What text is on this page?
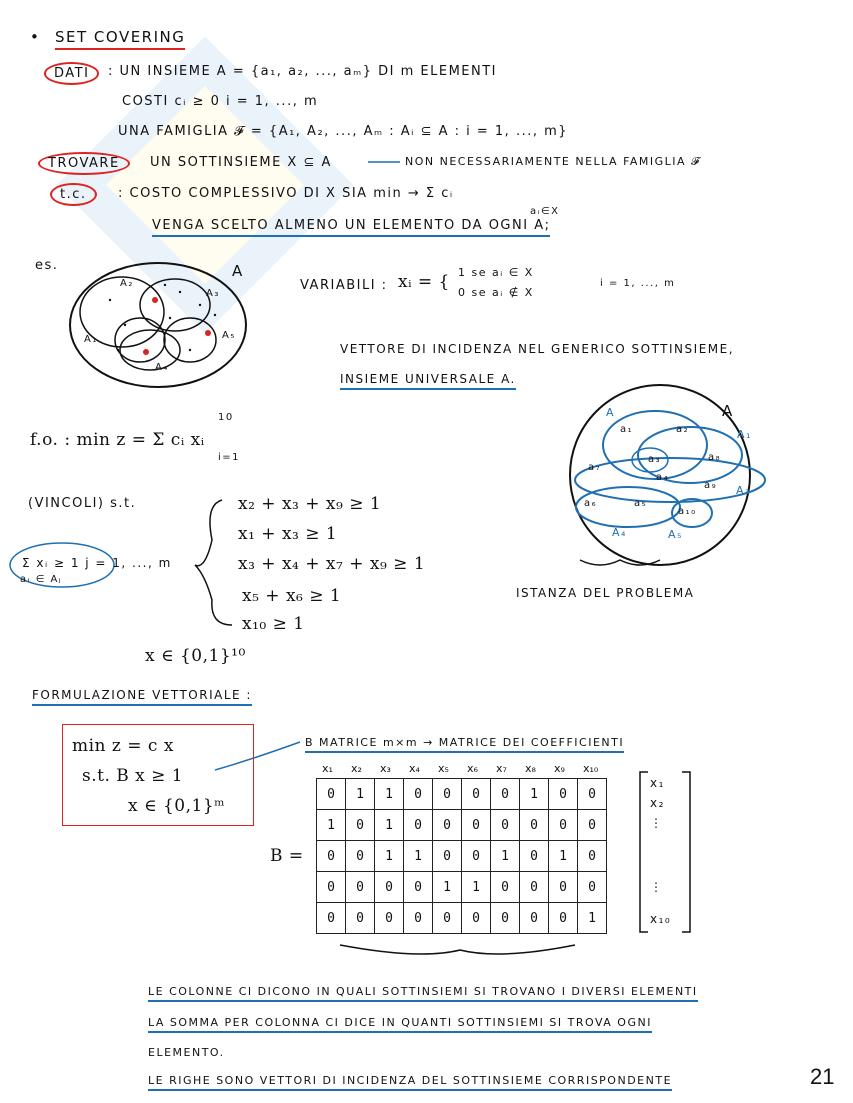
• SET COVERING
DATI	: UN INSIEME A = {a₁, a₂, ..., aₘ} DI m ELEMENTI
COSTI cᵢ ≥ 0 i = 1, ..., m
UNA FAMIGLIA 𝓕 = {A₁, A₂, ..., Aₘ : Aᵢ ⊆ A : i = 1, ..., m}
TROVARE	UN SOTTINSIEME X ⊆ A	NON NECESSARIAMENTE NELLA FAMIGLIA 𝓕
t.c.	: COSTO COMPLESSIVO DI X SIA min → Σ cᵢ
aᵢ∈X
VENGA SCELTO ALMENO UN ELEMENTO DA OGNI A;
es.	A
A₂
A₃
A₅
A₁
A₄
VARIABILI : xᵢ = { 1 se aᵢ ∈ X
0 se aᵢ ∉ X
i = 1, ..., m
VETTORE DI INCIDENZA NEL GENERICO SOTTINSIEME,
INSIEME UNIVERSALE A.
10
f.o. : min z = Σ cᵢ xᵢ
i=1
A
A
A₁
A₃
A₄	A₅
a₁	a₂
a₃
a₄
a₅
a₆
a₇
a₈
a₉
a₁₀
ISTANZA DEL PROBLEMA
(VINCOLI) s.t.	x₂ + x₃ + x₉ ≥ 1
x₁ + x₃ ≥ 1
x₃ + x₄ + x₇ + x₉ ≥ 1
x₅ + x₆ ≥ 1
x₁₀ ≥ 1
Σ xᵢ ≥ 1 j = 1, ..., m
aᵢ ∈ Aⱼ
x ∈ {0,1}¹⁰
FORMULAZIONE VETTORIALE :
min z = c x
s.t. B x ≥ 1
x ∈ {0,1}ᵐ
B MATRICE m×m → MATRICE DEI COEFFICIENTI
B =
x₁ x₂ x₃ x₄ x₅ x₆ x₇ x₈ x₉ x₁₀
0	1	1	0	0	0	0	1	0	0
1	0	1	0	0	0	0	0	0	0
0	0	1	1	0	0	1	0	1	0
0	0	0	0	1	1	0	0	0	0
0	0	0	0	0	0	0	0	0	1
x₁
x₂
⋮
⋮
x₁₀
LE COLONNE CI DICONO IN QUALI SOTTINSIEMI SI TROVANO I DIVERSI ELEMENTI
LA SOMMA PER COLONNA CI DICE IN QUANTI SOTTINSIEMI SI TROVA OGNI
ELEMENTO.
LE RIGHE SONO VETTORI DI INCIDENZA DEL SOTTINSIEME CORRISPONDENTE	21
